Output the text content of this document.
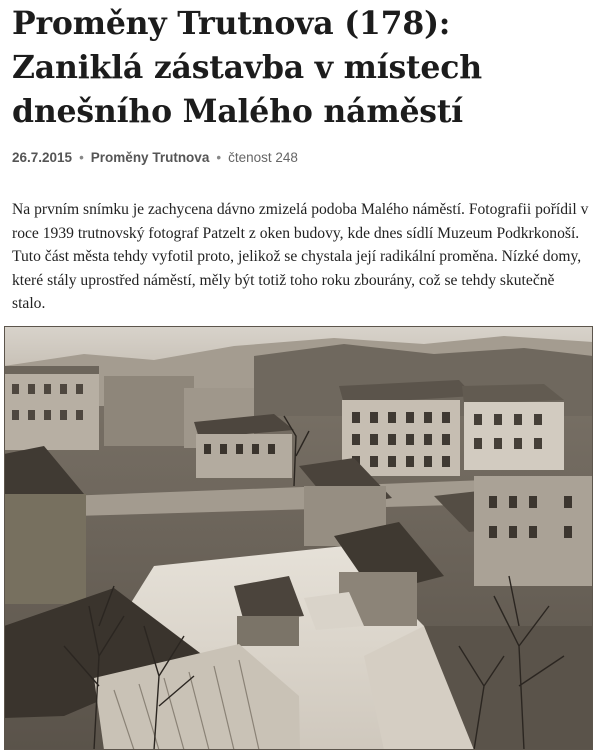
Proměny Trutnova (178): Zaniklá zástavba v místech dnešního Malého náměstí
26.7.2015 • Proměny Trutnova • čtenost 248

Na prvním snímku je zachycena dávno zmizelá podoba Malého náměstí. Fotografii pořídil v roce 1939 trutnovský fotograf Patzelt z oken budovy, kde dnes sídlí Muzeum Podkrkonoší. Tuto část města tehdy vyfotil proto, jelikož se chystala její radikální proměna. Nízké domy, které stály uprostřed náměstí, měly být totiž toho roku zbourány, což se tehdy skutečně stalo.
